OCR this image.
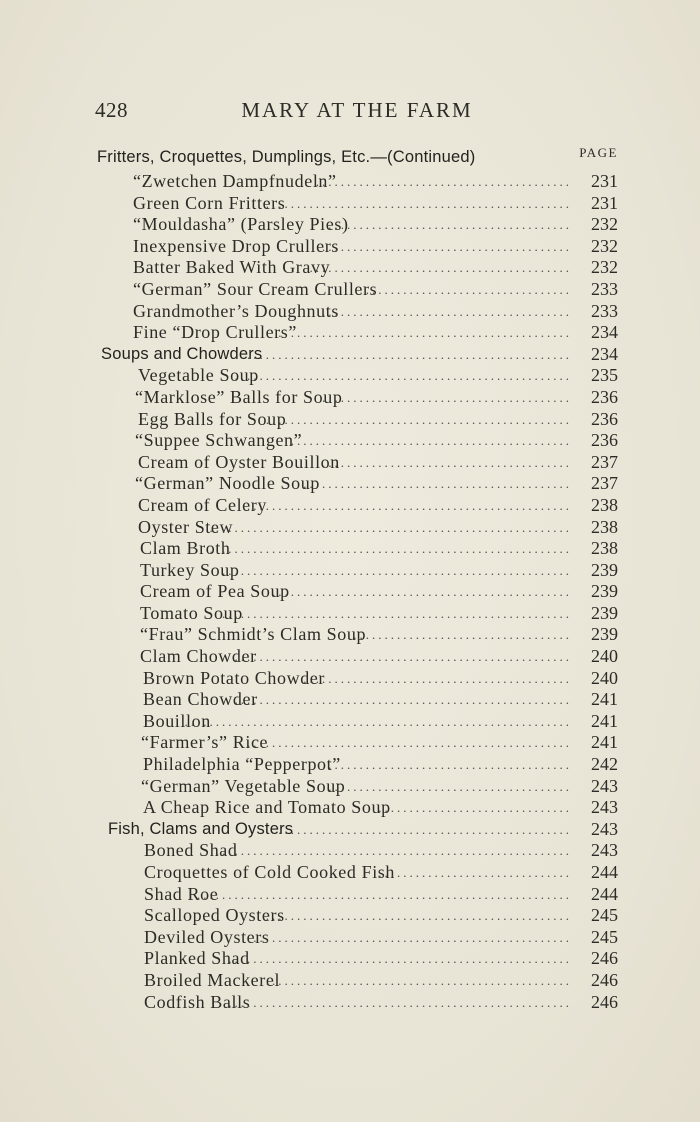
428	MARY AT THE FARM
PAGE
Fritters, Croquettes, Dumplings, Etc.—(Continued)
“Zwetchen Dampfnudeln”
......................................... 231
Green Corn Fritters
................................................. 231
“Mouldasha” (Parsley Pies)
....................................... 232
Inexpensive Drop Crullers
........................................ 232
Batter Baked With Gravy
.......................................... 232
“German” Sour Cream Crullers
.................................. 233
Grandmother’s Doughnuts
........................................ 233
Fine “Drop Crullers”
............................................... 234
Soups and Chowders
..................................................... 234
Vegetable Soup
...................................................... 235
“Marklose” Balls for Soup
........................................ 236
Egg Balls for Soup
................................................. 236
“Suppee Schwangen”
.............................................. 236
Cream of Oyster Bouillon
........................................ 237
“German” Noodle Soup
........................................... 237
Cream of Celery
.................................................... 238
Oyster Stew
.......................................................... 238
Clam Broth
.......................................................... 238
Turkey Soup
......................................................... 239
Cream of Pea Soup
................................................ 239
Tomato Soup
........................................................ 239
“Frau” Schmidt’s Clam Soup
.................................... 239
Clam Chowder
...................................................... 240
Brown Potato Chowder
........................................... 240
Bean Chowder
...................................................... 241
Bouillon
.............................................................. 241
“Farmer’s” Rice
.................................................... 241
Philadelphia “Pepperpot”
........................................ 242
“German” Vegetable Soup
....................................... 243
A Cheap Rice and Tomato Soup
................................ 243
Fish, Clams and Oysters
................................................ 243
Boned Shad
......................................................... 243
Croquettes of Cold Cooked Fish
............................... 244
Shad Roe
............................................................ 244
Scalloped Oysters
................................................. 245
Deviled Oysters
.................................................... 245
Planked Shad
....................................................... 246
Broiled Mackerel
.................................................. 246
Codfish Balls
....................................................... 246
